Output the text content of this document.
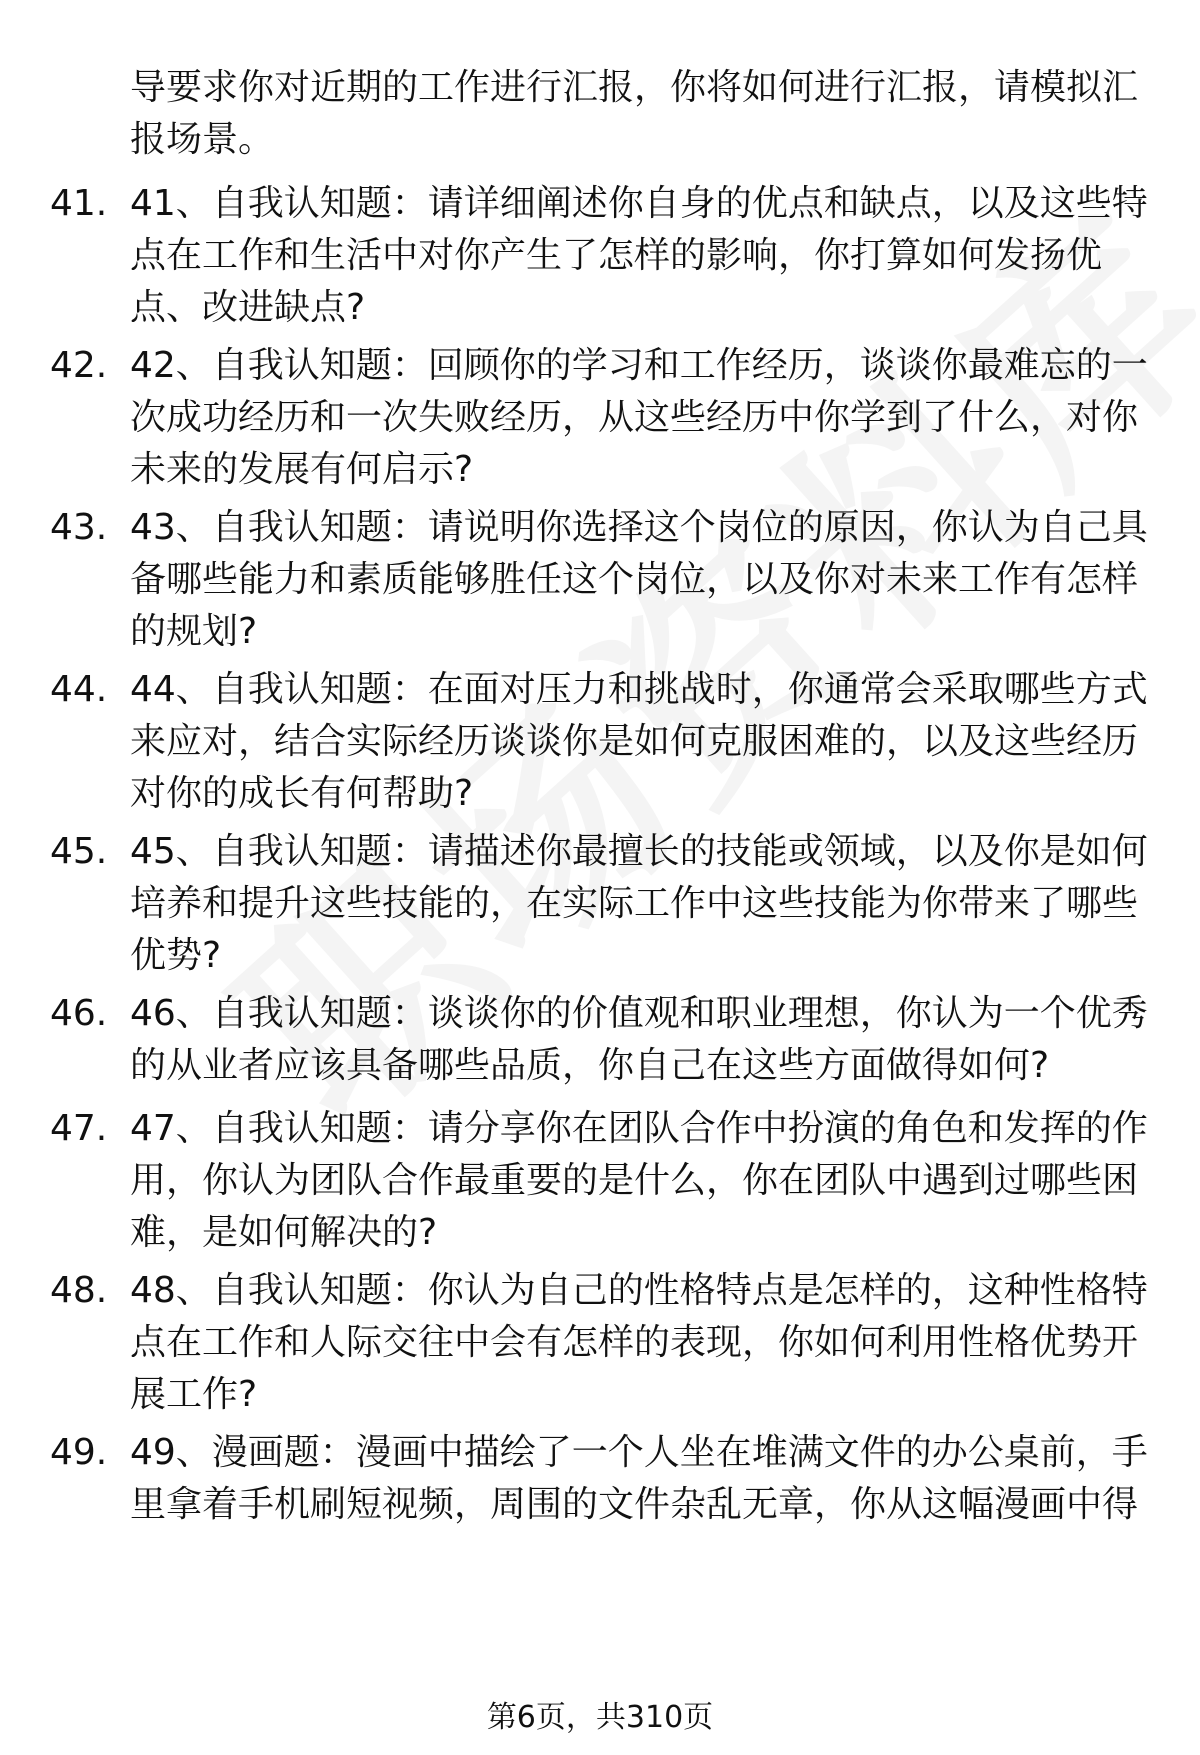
导要求你对近期的工作进行汇报，你将如何进行汇报，请模拟汇报场景。
41. 41、自我认知题：请详细阐述你自身的优点和缺点，以及这些特点在工作和生活中对你产生了怎样的影响，你打算如何发扬优点、改进缺点?
42. 42、自我认知题：回顾你的学习和工作经历，谈谈你最难忘的一次成功经历和一次失败经历，从这些经历中你学到了什么，对你未来的发展有何启示?
43. 43、自我认知题：请说明你选择这个岗位的原因，你认为自己具备哪些能力和素质能够胜任这个岗位，以及你对未来工作有怎样的规划?
44. 44、自我认知题：在面对压力和挑战时，你通常会采取哪些方式来应对，结合实际经历谈谈你是如何克服困难的，以及这些经历对你的成长有何帮助?
45. 45、自我认知题：请描述你最擅长的技能或领域，以及你是如何培养和提升这些技能的，在实际工作中这些技能为你带来了哪些优势?
46. 46、自我认知题：谈谈你的价值观和职业理想，你认为一个优秀的从业者应该具备哪些品质，你自己在这些方面做得如何?
47. 47、自我认知题：请分享你在团队合作中扮演的角色和发挥的作用，你认为团队合作最重要的是什么，你在团队中遇到过哪些困难，是如何解决的?
48. 48、自我认知题：你认为自己的性格特点是怎样的，这种性格特点在工作和人际交往中会有怎样的表现，你如何利用性格优势开展工作?
49. 49、漫画题：漫画中描绘了一个人坐在堆满文件的办公桌前，手里拿着手机刷短视频，周围的文件杂乱无章，你从这幅漫画中得
第6页，共310页
